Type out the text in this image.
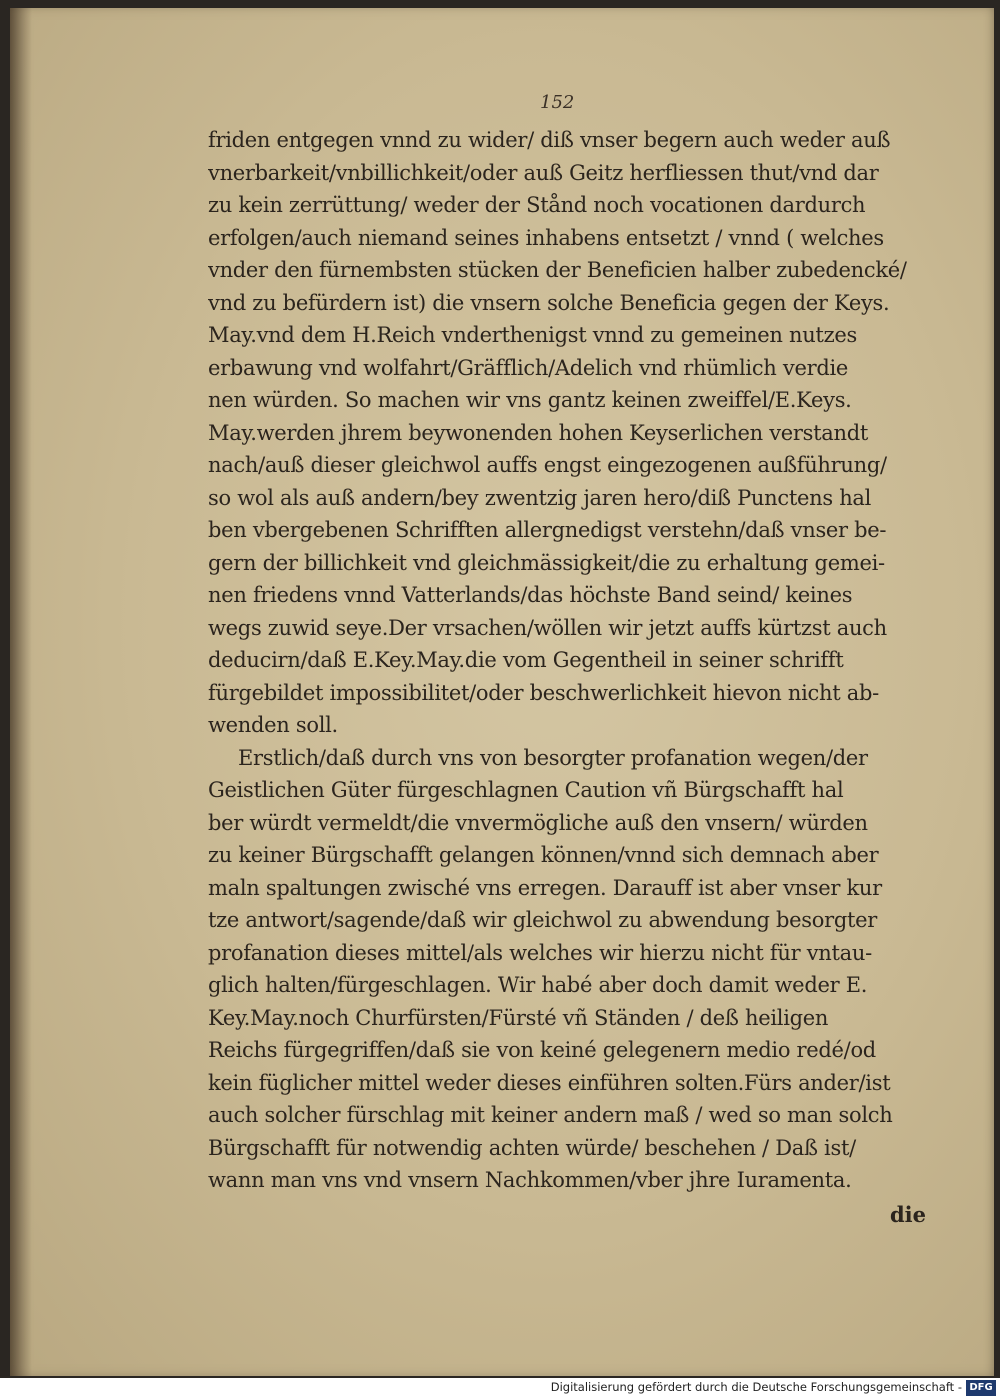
152
friden entgegen vnnd zu wider/ diß vnser begern auch weder auß
vnerbarkeit/vnbillichkeit/oder auß Geitz herfliessen thut/vnd dar
zu kein zerrüttung/ weder der Stånd noch vocationen dardurch
erfolgen/auch niemand seines inhabens entsetzt / vnnd ( welches
vnder den fürnembsten stücken der Beneficien halber zubedencké/
vnd zu befürdern ist) die vnsern solche Beneficia gegen der Keys.
May.vnd dem H.Reich vnderthenigst vnnd zu gemeinen nutzes
erbawung vnd wolfahrt/Gräfflich/Adelich vnd rhümlich verdie
nen würden. So machen wir vns gantz keinen zweiffel/E.Keys.
May.werden jhrem beywonenden hohen Keyserlichen verstandt
nach/auß dieser gleichwol auffs engst eingezogenen außführung/
so wol als auß andern/bey zwentzig jaren hero/diß Punctens hal
ben vbergebenen Schrifften allergnedigst verstehn/daß vnser be-
gern der billichkeit vnd gleichmässigkeit/die zu erhaltung gemei-
nen friedens vnnd Vatterlands/das höchste Band seind/ keines
wegs zuwid seye.Der vrsachen/wöllen wir jetzt auffs kürtzst auch
deducirn/daß E.Key.May.die vom Gegentheil in seiner schrifft
fürgebildet impossibilitet/oder beschwerlichkeit hievon nicht ab-
wenden soll.
Erstlich/daß durch vns von besorgter profanation wegen/der
Geistlichen Güter fürgeschlagnen Caution vñ Bürgschafft hal
ber würdt vermeldt/die vnvermögliche auß den vnsern/ würden
zu keiner Bürgschafft gelangen können/vnnd sich demnach aber
maln spaltungen zwisché vns erregen. Darauff ist aber vnser kur
tze antwort/sagende/daß wir gleichwol zu abwendung besorgter
profanation dieses mittel/als welches wir hierzu nicht für vntau-
glich halten/fürgeschlagen. Wir habé aber doch damit weder E.
Key.May.noch Churfürsten/Fürsté vñ Ständen / deß heiligen
Reichs fürgegriffen/daß sie von keiné gelegenern medio redé/od
kein füglicher mittel weder dieses einführen solten.Fürs ander/ist
auch solcher fürschlag mit keiner andern maß / wed so man solch
Bürgschafft für notwendig achten würde/ beschehen / Daß ist/
wann man vns vnd vnsern Nachkommen/vber jhre Iuramenta.
die
Digitalisierung gefördert durch die Deutsche Forschungsgemeinschaft - DFG
